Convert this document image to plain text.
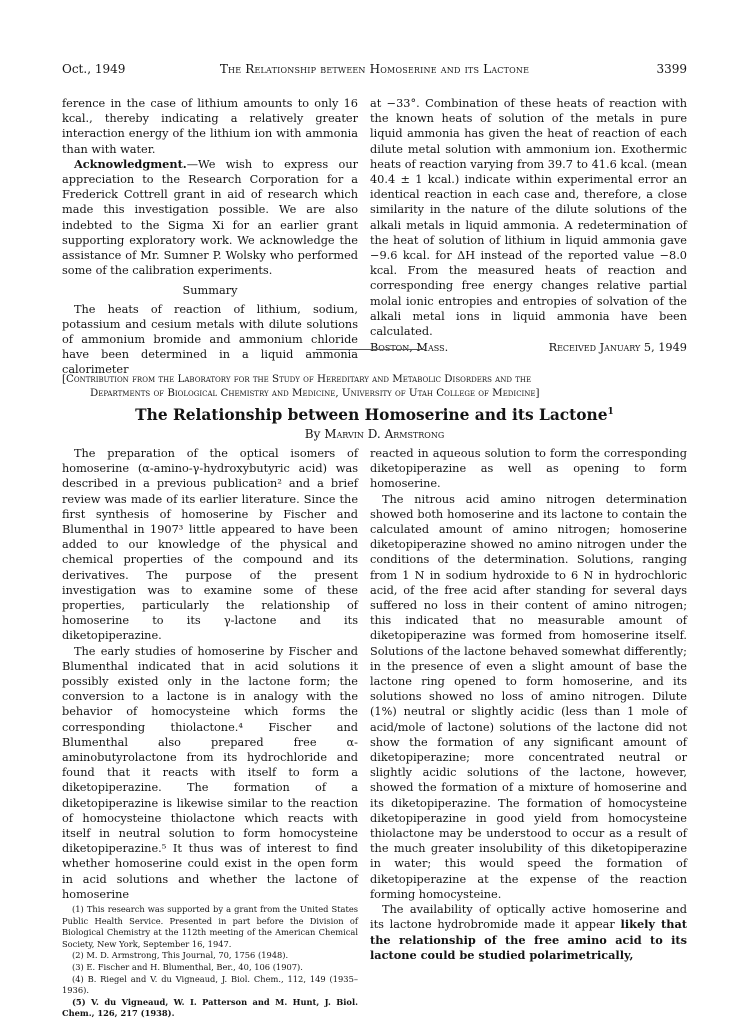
The Relationship between Homoserine and its Lactone
Oct., 1949	3399

ference in the case of lithium amounts to only 16 kcal., thereby indicating a relatively greater interaction energy of the lithium ion with ammonia than with water.

Acknowledgment.—We wish to express our appreciation to the Research Corporation for a Frederick Cottrell grant in aid of research which made this investigation possible. We are also indebted to the Sigma Xi for an earlier grant supporting exploratory work. We acknowledge the assistance of Mr. Sumner P. Wolsky who performed some of the calibration experiments.

Summary

The heats of reaction of lithium, sodium, potassium and cesium metals with dilute solutions of ammonium bromide and ammonium chloride have been determined in a liquid ammonia calorimeter

at −33°. Combination of these heats of reaction with the known heats of solution of the metals in pure liquid ammonia has given the heat of reaction of each dilute metal solution with ammonium ion. Exothermic heats of reaction varying from 39.7 to 41.6 kcal. (mean 40.4 ± 1 kcal.) indicate within experimental error an identical reaction in each case and, therefore, a close similarity in the nature of the dilute solutions of the alkali metals in liquid ammonia. A redetermination of the heat of solution of lithium in liquid ammonia gave −9.6 kcal. for ΔH instead of the reported value −8.0 kcal. From the measured heats of reaction and corresponding free energy changes relative partial molal ionic entropies and entropies of solvation of the alkali metal ions in liquid ammonia have been calculated.

Boston, Mass.	Received January 5, 1949

[Contribution from the Laboratory for the Study of Hereditary and Metabolic Disorders and the
Departments of Biological Chemistry and Medicine, University of Utah College of Medicine]
The Relationship between Homoserine and its Lactone$^1$
By Marvin D. Armstrong

The preparation of the optical isomers of homoserine (α-amino-γ-hydroxybutyric acid) was described in a previous publication² and a brief review was made of its earlier literature. Since the first synthesis of homoserine by Fischer and Blumenthal in 1907³ little appeared to have been added to our knowledge of the physical and chemical properties of the compound and its derivatives. The purpose of the present investigation was to examine some of these properties, particularly the relationship of homoserine to its γ-lactone and its diketopiperazine.

The early studies of homoserine by Fischer and Blumenthal indicated that in acid solutions it possibly existed only in the lactone form; the conversion to a lactone is in analogy with the behavior of homocysteine which forms the corresponding thiolactone.⁴ Fischer and Blumenthal also prepared free α-aminobutyrolactone from its hydrochloride and found that it reacts with itself to form a diketopiperazine. The formation of a diketopiperazine is likewise similar to the reaction of homocysteine thiolactone which reacts with itself in neutral solution to form homocysteine diketopiperazine.⁵ It thus was of interest to find whether homoserine could exist in the open form in acid solutions and whether the lactone of homoserine

(1) This research was supported by a grant from the United States Public Health Service. Presented in part before the Division of Biological Chemistry at the 112th meeting of the American Chemical Society, New York, September 16, 1947.
(2) M. D. Armstrong, This Journal, 70, 1756 (1948).
(3) E. Fischer and H. Blumenthal, Ber., 40, 106 (1907).
(4) B. Riegel and V. du Vigneaud, J. Biol. Chem., 112, 149 (1935–1936).
(5) V. du Vigneaud, W. I. Patterson and M. Hunt, J. Biol. Chem., 126, 217 (1938).

reacted in aqueous solution to form the corresponding diketopiperazine as well as opening to form homoserine.

The nitrous acid amino nitrogen determination showed both homoserine and its lactone to contain the calculated amount of amino nitrogen; homoserine diketopiperazine showed no amino nitrogen under the conditions of the determination. Solutions, ranging from 1 N in sodium hydroxide to 6 N in hydrochloric acid, of the free acid after standing for several days suffered no loss in their content of amino nitrogen; this indicated that no measurable amount of diketopiperazine was formed from homoserine itself. Solutions of the lactone behaved somewhat differently; in the presence of even a slight amount of base the lactone ring opened to form homoserine, and its solutions showed no loss of amino nitrogen. Dilute (1%) neutral or slightly acidic (less than 1 mole of acid/mole of lactone) solutions of the lactone did not show the formation of any significant amount of diketopiperazine; more concentrated neutral or slightly acidic solutions of the lactone, however, showed the formation of a mixture of homoserine and its diketopiperazine. The formation of homocysteine diketopiperazine in good yield from homocysteine thiolactone may be understood to occur as a result of the much greater insolubility of this diketopiperazine in water; this would speed the formation of diketopiperazine at the expense of the reaction forming homocysteine.

The availability of optically active homoserine and its lactone hydrobromide made it appear likely that the relationship of the free amino acid to its lactone could be studied polarimetrically,
